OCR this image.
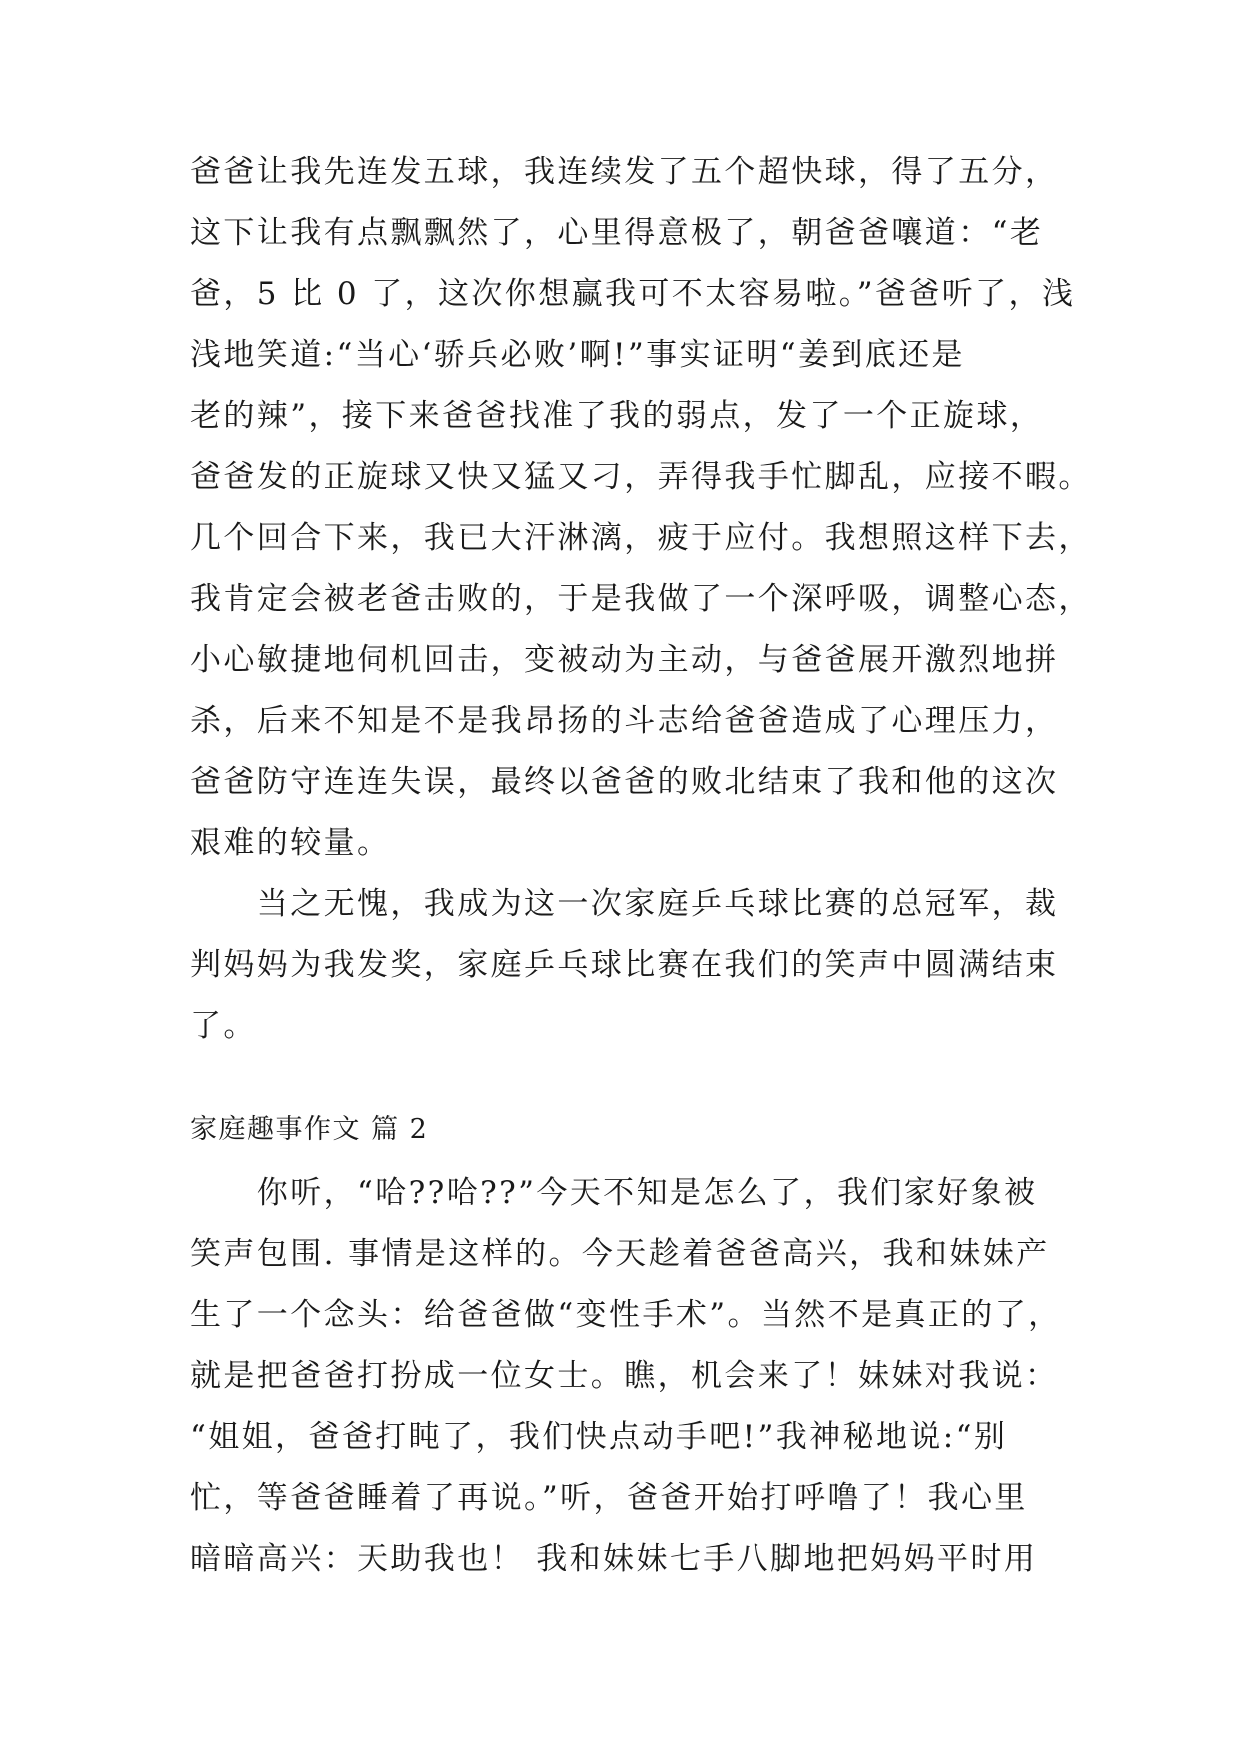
爸爸让我先连发五球，我连续发了五个超快球，得了五分，
这下让我有点飘飘然了，心里得意极了，朝爸爸嚷道：“老
爸，5 比 0 了，这次你想赢我可不太容易啦。”爸爸听了，浅
浅地笑道:“当心‘骄兵必败’啊!”事实证明“姜到底还是
老的辣”，接下来爸爸找准了我的弱点，发了一个正旋球，
爸爸发的正旋球又快又猛又刁，弄得我手忙脚乱，应接不暇。
几个回合下来，我已大汗淋漓，疲于应付。我想照这样下去，
我肯定会被老爸击败的，于是我做了一个深呼吸，调整心态，
小心敏捷地伺机回击，变被动为主动，与爸爸展开激烈地拼
杀，后来不知是不是我昂扬的斗志给爸爸造成了心理压力，
爸爸防守连连失误，最终以爸爸的败北结束了我和他的这次
艰难的较量。
　　当之无愧，我成为这一次家庭乒乓球比赛的总冠军，裁
判妈妈为我发奖，家庭乒乓球比赛在我们的笑声中圆满结束
了。
家庭趣事作文 篇 2
　　你听，“哈??哈??”今天不知是怎么了，我们家好象被
笑声包围. 事情是这样的。今天趁着爸爸高兴，我和妹妹产
生了一个念头：给爸爸做“变性手术”。当然不是真正的了，
就是把爸爸打扮成一位女士。瞧，机会来了！妹妹对我说：
“姐姐，爸爸打盹了，我们快点动手吧!”我神秘地说:“别
忙，等爸爸睡着了再说。”听，爸爸开始打呼噜了！我心里
暗暗高兴：天助我也！ 我和妹妹七手八脚地把妈妈平时用
